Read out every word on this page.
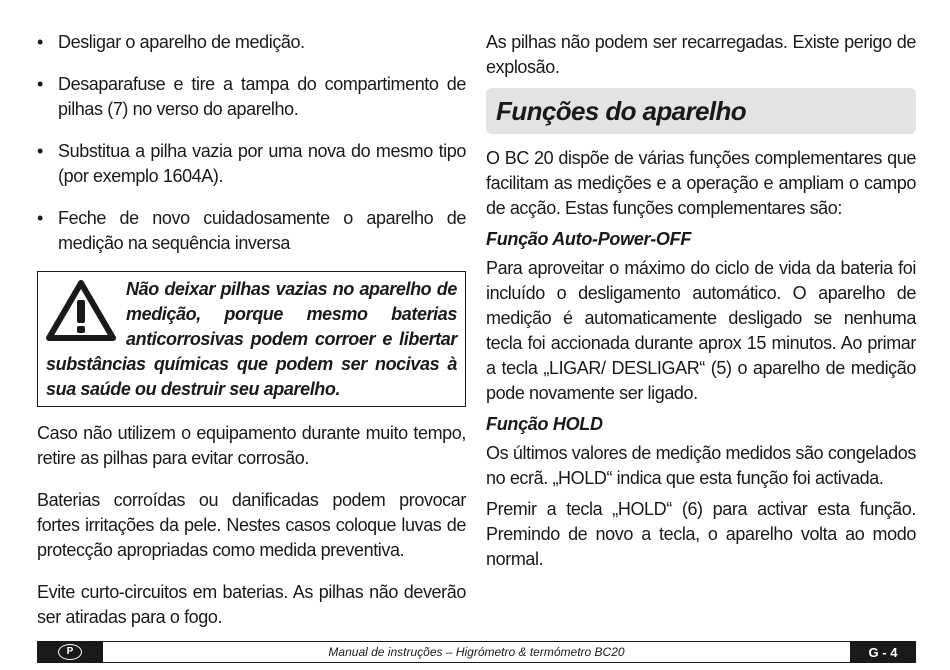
• Desligar o aparelho de medição.
• Desaparafuse e tire a tampa do compartimento de pilhas (7) no verso do aparelho.
• Substitua a pilha vazia por uma nova do mesmo tipo (por exemplo 1604A).
• Feche de novo cuidadosamente o aparelho de medição na sequência inversa
Não deixar pilhas vazias no aparelho de medição, porque mesmo baterias anticorrosivas podem corroer e libertar substâncias químicas que podem ser nocivas à sua saúde ou destruir seu aparelho.

Caso não utilizem o equipamento durante muito tempo, retire as pilhas para evitar corrosão.

Baterias corroídas ou danificadas podem provocar fortes irritações da pele. Nestes casos coloque luvas de protecção apropriadas como medida preventiva.

Evite curto-circuitos em baterias. As pilhas não deverão ser atiradas para o fogo.

As pilhas não podem ser recarregadas. Existe perigo de explosão.

Funções do aparelho

O BC 20 dispõe de várias funções complementares que facilitam as medições e a operação e ampliam o campo de acção. Estas funções complementares são:

Função Auto-Power-OFF

Para aproveitar o máximo do ciclo de vida da bateria foi incluído o desligamento automático. O aparelho de medição é automaticamente desligado se nenhuma tecla foi accionada durante aprox 15 minutos. Ao primar a tecla „LIGAR/ DESLIGAR“ (5) o aparelho de medição pode novamente ser ligado.

Função HOLD

Os últimos valores de medição medidos são congelados no ecrã. „HOLD“ indica que esta função foi activada.

Premir a tecla „HOLD“ (6) para activar esta função. Premindo de novo a tecla, o aparelho volta ao modo normal.

P	Manual de instruções – Higrómetro & termómetro BC20	G - 4
